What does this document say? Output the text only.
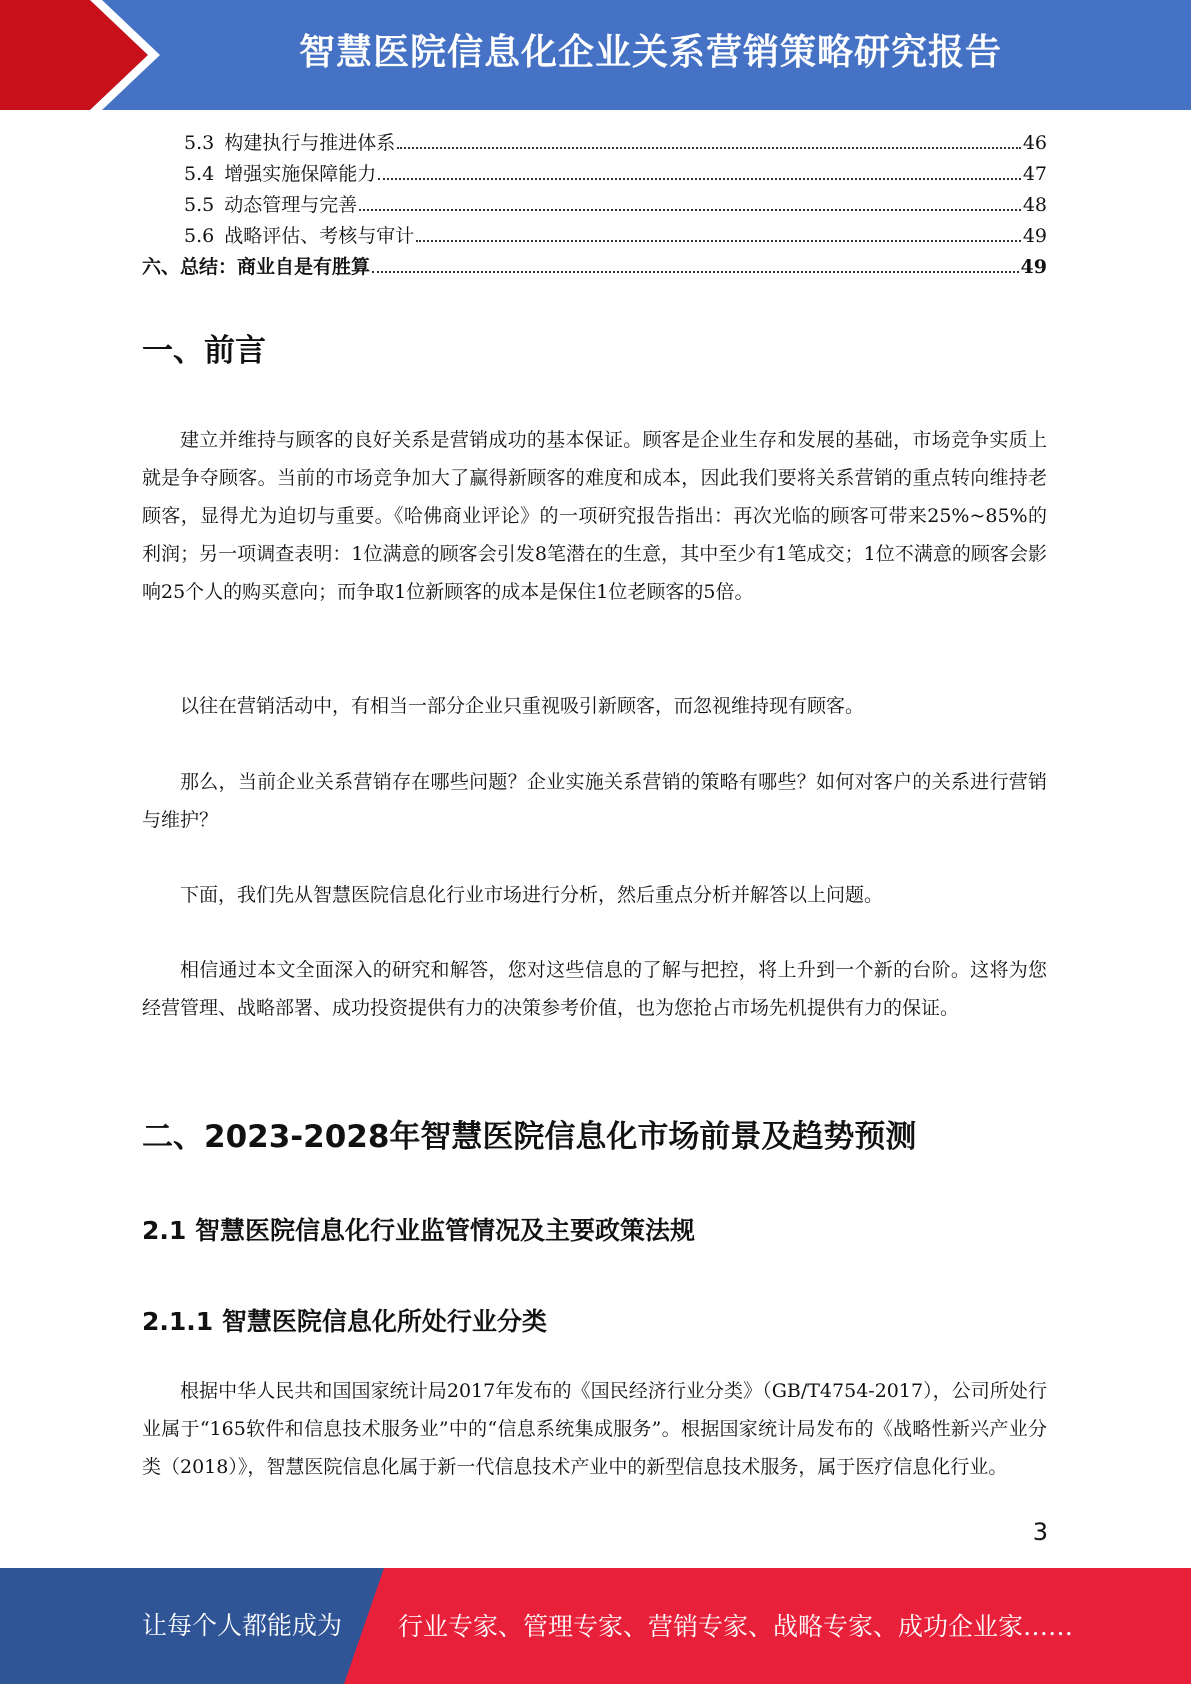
智慧医院信息化企业关系营销策略研究报告
5.3 构建执行与推进体系	46
5.4 增强实施保障能力	47
5.5 动态管理与完善	48
5.6 战略评估、考核与审计	49
六、总结：商业自是有胜算	49
一、前言

建立并维持与顾客的良好关系是营销成功的基本保证。顾客是企业生存和发展的基础，市场竞争实质上就是争夺顾客。当前的市场竞争加大了赢得新顾客的难度和成本，因此我们要将关系营销的重点转向维持老顾客，显得尤为迫切与重要。《哈佛商业评论》的一项研究报告指出：再次光临的顾客可带来25%~85%的利润；另一项调查表明：1位满意的顾客会引发8笔潜在的生意，其中至少有1笔成交；1位不满意的顾客会影响25个人的购买意向；而争取1位新顾客的成本是保住1位老顾客的5倍。

以往在营销活动中，有相当一部分企业只重视吸引新顾客，而忽视维持现有顾客。

那么，当前企业关系营销存在哪些问题？企业实施关系营销的策略有哪些？如何对客户的关系进行营销与维护？

下面，我们先从智慧医院信息化行业市场进行分析，然后重点分析并解答以上问题。

相信通过本文全面深入的研究和解答，您对这些信息的了解与把控，将上升到一个新的台阶。这将为您经营管理、战略部署、成功投资提供有力的决策参考价值，也为您抢占市场先机提供有力的保证。

二、2023-2028年智慧医院信息化市场前景及趋势预测
2.1 智慧医院信息化行业监管情况及主要政策法规
2.1.1 智慧医院信息化所处行业分类

根据中华人民共和国国家统计局2017年发布的《国民经济行业分类》（GB/T4754-2017），公司所处行业属于“165软件和信息技术服务业”中的“信息系统集成服务”。根据国家统计局发布的《战略性新兴产业分类（2018）》，智慧医院信息化属于新一代信息技术产业中的新型信息技术服务，属于医疗信息化行业。

3
让每个人都能成为 行业专家、管理专家、营销专家、战略专家、成功企业家……
